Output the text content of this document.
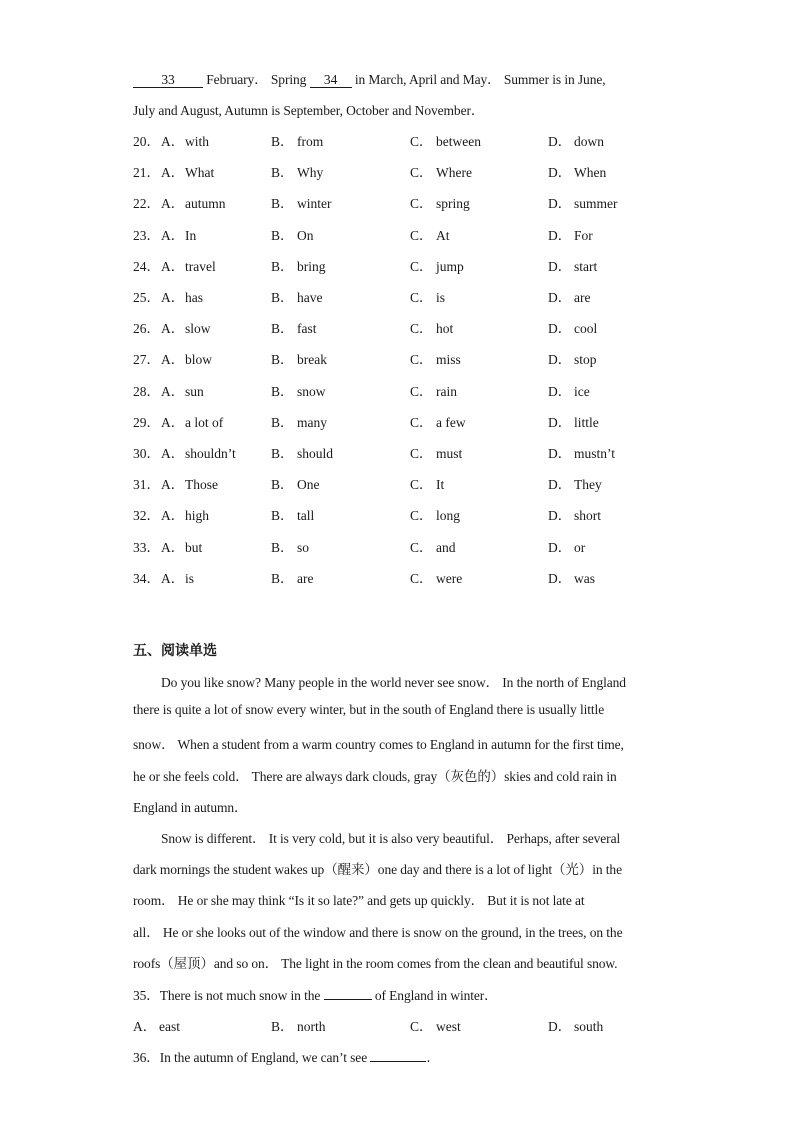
33 February． Spring 34 in March, April and May． Summer is in June,
July and August, Autumn is September, October and November．
20． A．with	B． from	C． between	D． down
21． A．What	B． Why	C． Where	D． When
22． A．autumn	B． winter	C． spring	D． summer
23． A．In	B． On	C． At	D． For
24． A．travel	B． bring	C． jump	D． start
25． A．has	B． have	C． is	D． are
26． A．slow	B． fast	C． hot	D． cool
27． A．blow	B． break	C． miss	D． stop
28． A．sun	B． snow	C． rain	D． ice
29． A．a lot of	B． many	C． a few	D． little
30． A．shouldn’t	B． should	C． must	D． mustn’t
31． A．Those	B． One	C． It	D． They
32． A．high	B． tall	C． long	D． short
33． A．but	B． so	C． and	D． or
34． A．is	B． are	C． were	D． was
五、阅读单选
Do you like snow? Many people in the world never see snow． In the north of England
there is quite a lot of snow every winter, but in the south of England there is usually little
snow． When a student from a warm country comes to England in autumn for the first time,
he or she feels cold． There are always dark clouds, gray（灰色的）skies and cold rain in
England in autumn．
Snow is different． It is very cold, but it is also very beautiful． Perhaps, after several
dark mornings the student wakes up（醒来）one day and there is a lot of light（光）in the
room． He or she may think “Is it so late?” and gets up quickly． But it is not late at
all． He or she looks out of the window and there is snow on the ground, in the trees, on the
roofs（屋顶）and so on． The light in the room comes from the clean and beautiful snow.
35．There is not much snow in the	of England in winter．
A． east	B． north	C． west	D． south
36．In the autumn of England, we can’t see	．
